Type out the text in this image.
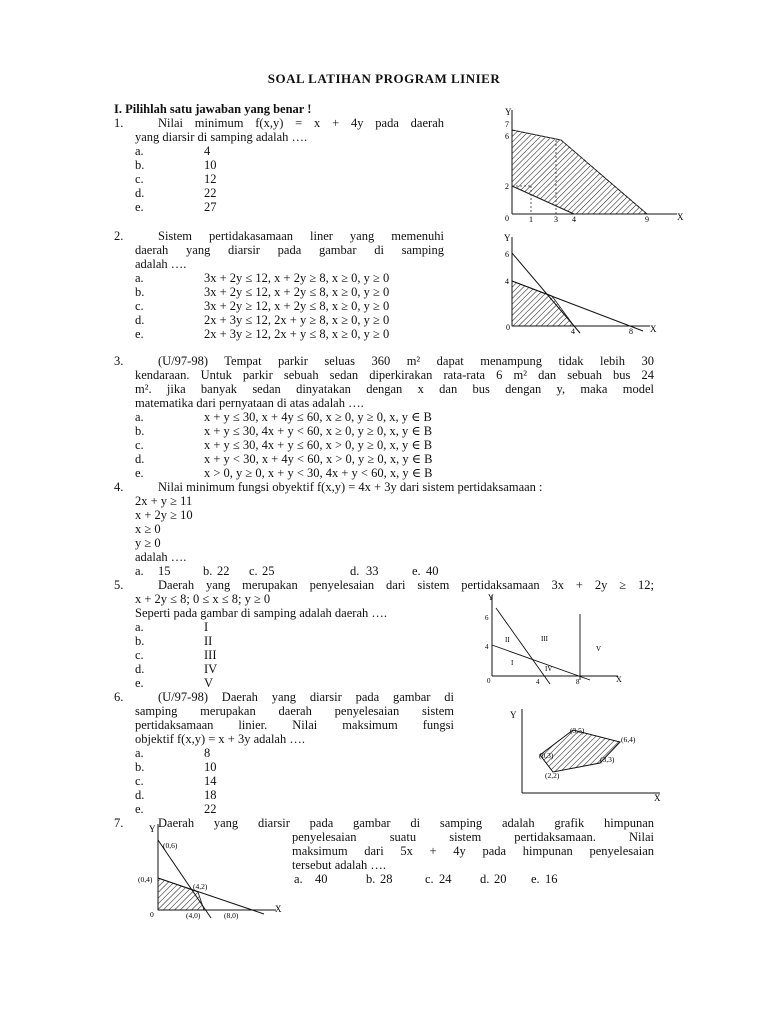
SOAL LATIHAN PROGRAM LINIER
I. Pilihlah satu jawaban yang benar !
1.	Nilai minimum f(x,y) = x + 4y pada daerah
yang diarsir di samping adalah ….
a.	4
b.	10
c.	12
d.	22
e.	27
Y
X
7
6
2
0	1	3 4	9
2.	Sistem pertidakasamaan liner yang memenuhi
daerah yang diarsir pada gambar di samping
adalah ….
a.	3x + 2y ≤ 12, x + 2y ≥ 8, x ≥ 0, y ≥ 0
b.	3x + 2y ≤ 12, x + 2y ≤ 8, x ≥ 0, y ≥ 0
c.	3x + 2y ≥ 12, x + 2y ≤ 8, x ≥ 0, y ≥ 0
d.	2x + 3y ≤ 12, 2x + y ≥ 8, x ≥ 0, y ≥ 0
e.	2x + 3y ≥ 12, 2x + y ≤ 8, x ≥ 0, y ≥ 0
Y
X
6
4
0	4	8
3.	(U/97-98) Tempat parkir seluas 360 m² dapat menampung tidak lebih 30
kendaraan. Untuk parkir sebuah sedan diperkirakan rata-rata 6 m² dan sebuah bus 24
m². jika banyak sedan dinyatakan dengan x dan bus dengan y, maka model
matematika dari pernyataan di atas adalah ….
a.	x + y ≤ 30, x + 4y ≤ 60, x ≥ 0, y ≥ 0, x, y ∈ B
b.	x + y ≤ 30, 4x + y < 60, x ≥ 0, y ≥ 0, x, y ∈ B
c.	x + y ≤ 30, 4x + y ≤ 60, x > 0, y ≥ 0, x, y ∈ B
d.	x + y < 30, x + 4y < 60, x > 0, y ≥ 0, x, y ∈ B
e.	x > 0, y ≥ 0, x + y < 30, 4x + y < 60, x, y ∈ B
4.	Nilai minimum fungsi obyektif f(x,y) = 4x + 3y dari sistem pertidaksamaan :
2x + y ≥ 11
x + 2y ≥ 10
x ≥ 0
y ≥ 0
adalah ….
a. 15	b. 22 c. 25	d. 33	e. 40
5.	Daerah yang merupakan penyelesaian dari sistem pertidaksamaan 3x + 2y ≥ 12;
x + 2y ≤ 8; 0 ≤ x ≤ 8; y ≥ 0
Seperti pada gambar di samping adalah daerah ….
a.	I
b.	II
c.	III
d.	IV
e.	V
Y
X
6
4
0	4	8
I
II	III
IV
V
6.	(U/97-98) Daerah yang diarsir pada gambar di
samping merupakan daerah penyelesaian sistem
pertidaksamaan linier. Nilai maksimum fungsi
objektif f(x,y) = x + 3y adalah ….
a.	8
b.	10
c.	14
d.	18
e.	22
Y
X
(3,5)
(6,4)
(3,3)
(2,2)
(0,3)
7.	Daerah yang diarsir pada gambar di samping adalah grafik himpunan
penyelesaian suatu sistem pertidaksamaan. Nilai
maksimum dari 5x + 4y pada himpunan penyelesaian
tersebut adalah ….
a. 40	b. 28	c. 24 d. 20 e. 16
Y
X
(0,6)
(0,4)
(4,2)
(4,0)	(8,0)
0
